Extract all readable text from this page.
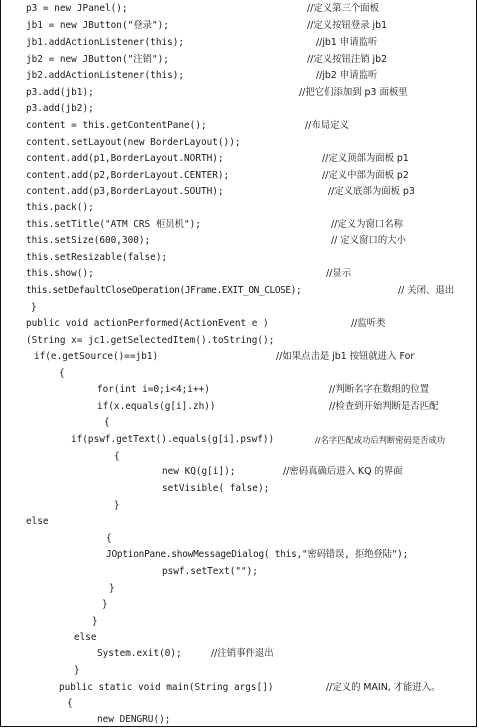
p3 = new JPanel();	//定义第三个面板
jb1 = new JButton("登录");	//定义按钮登录 jb1
jb1.addActionListener(this);	//jb1 申请监听
jb2 = new JButton("注销");	//定义按钮注销 jb2
jb2.addActionListener(this);	//jb2 申请监听
p3.add(jb1);	//把它们添加到 p3 面板里
p3.add(jb2);
content = this.getContentPane();	//布局定义
content.setLayout(new BorderLayout());
content.add(p1,BorderLayout.NORTH);	//定义顶部为面板 p1
content.add(p2,BorderLayout.CENTER);	//定义中部为面板 p2
content.add(p3,BorderLayout.SOUTH);	//定义底部为面板 p3
this.pack();
this.setTitle("ATM CRS 柜员机");	//定义为窗口名称
this.setSize(600,300);	// 定义窗口的大小
this.setResizable(false);
this.show();	//显示
this.setDefaultCloseOperation(JFrame.EXIT_ON_CLOSE);	// 关闭、退出
}
public void actionPerformed(ActionEvent e )	//监听类
(String x= jc1.getSelectedItem().toString();
if(e.getSource()==jb1)	//如果点击是 jb1 按钮就进入 For
{
for(int i=0;i<4;i++)	//判断名字在数组的位置
if(x.equals(g[i].zh))	//检查到开始判断是否匹配
{
if(pswf.getText().equals(g[i].pswf))	//名字匹配成功后判断密码是否成功
{
new KQ(g[i]);	//密码真确后进入 KQ 的界面
setVisible( false);
}
else
{
JOptionPane.showMessageDialog( this,"密码错误, 拒绝登陆");
pswf.setText("");
}
}
}
else
System.exit(0);	//注销事件退出
}
public static void main(String args[])	//定义的 MAIN, 才能进入。
{
new DENGRU();
